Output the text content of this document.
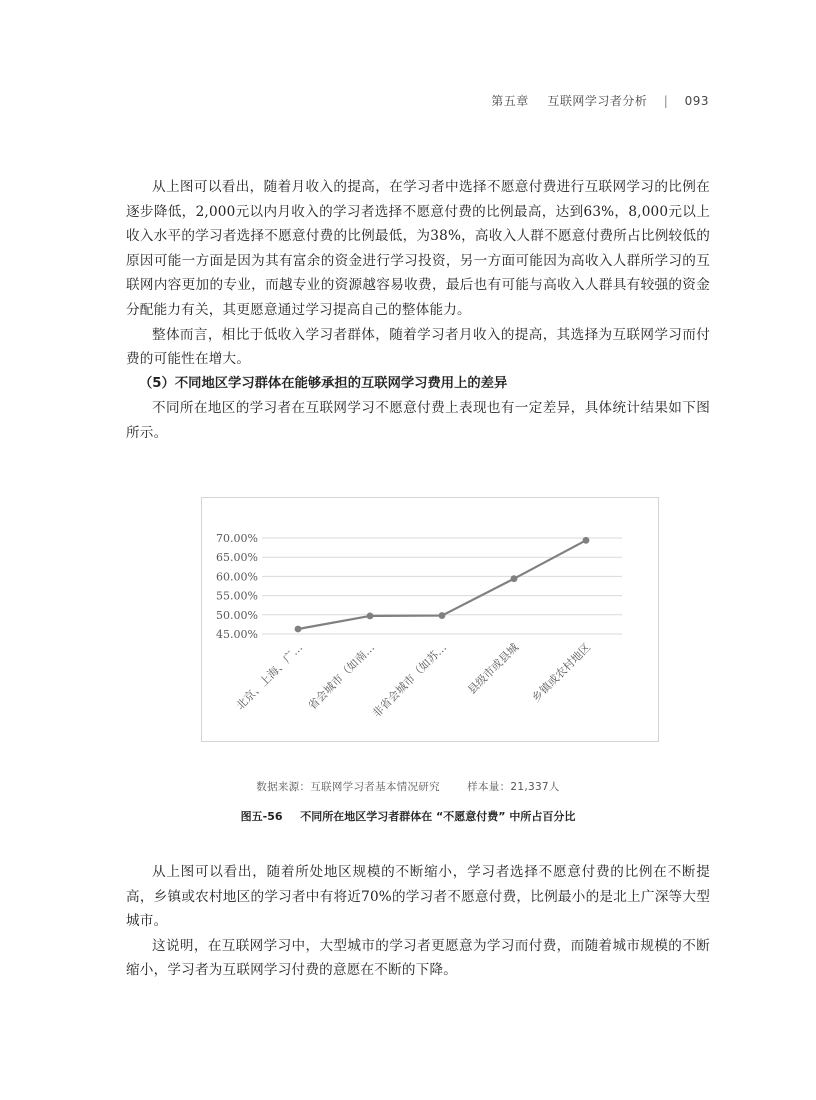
第五章 互联网学习者分析 | 093

从上图可以看出，随着月收入的提高，在学习者中选择不愿意付费进行互联网学习的比例在逐步降低，2,000元以内月收入的学习者选择不愿意付费的比例最高，达到63%，8,000元以上收入水平的学习者选择不愿意付费的比例最低，为38%，高收入人群不愿意付费所占比例较低的原因可能一方面是因为其有富余的资金进行学习投资，另一方面可能因为高收入人群所学习的互联网内容更加的专业，而越专业的资源越容易收费，最后也有可能与高收入人群具有较强的资金分配能力有关，其更愿意通过学习提高自己的整体能力。

整体而言，相比于低收入学习者群体，随着学习者月收入的提高，其选择为互联网学习而付费的可能性在增大。

（5）不同地区学习群体在能够承担的互联网学习费用上的差异

不同所在地区的学习者在互联网学习不愿意付费上表现也有一定差异，具体统计结果如下图所示。

70.00%
65.00%
60.00%
55.00%
50.00%
45.00%
北京、上海、广… 省会城市（如南…
非省会城市（如苏… 县级市或县城 乡镇或农村地区
数据来源：互联网学习者基本情况研究	样本量：21,337人
图五-56 不同所在地区学习者群体在 “不愿意付费” 中所占百分比

从上图可以看出，随着所处地区规模的不断缩小，学习者选择不愿意付费的比例在不断提高，乡镇或农村地区的学习者中有将近70%的学习者不愿意付费，比例最小的是北上广深等大型城市。

这说明，在互联网学习中，大型城市的学习者更愿意为学习而付费，而随着城市规模的不断缩小，学习者为互联网学习付费的意愿在不断的下降。
